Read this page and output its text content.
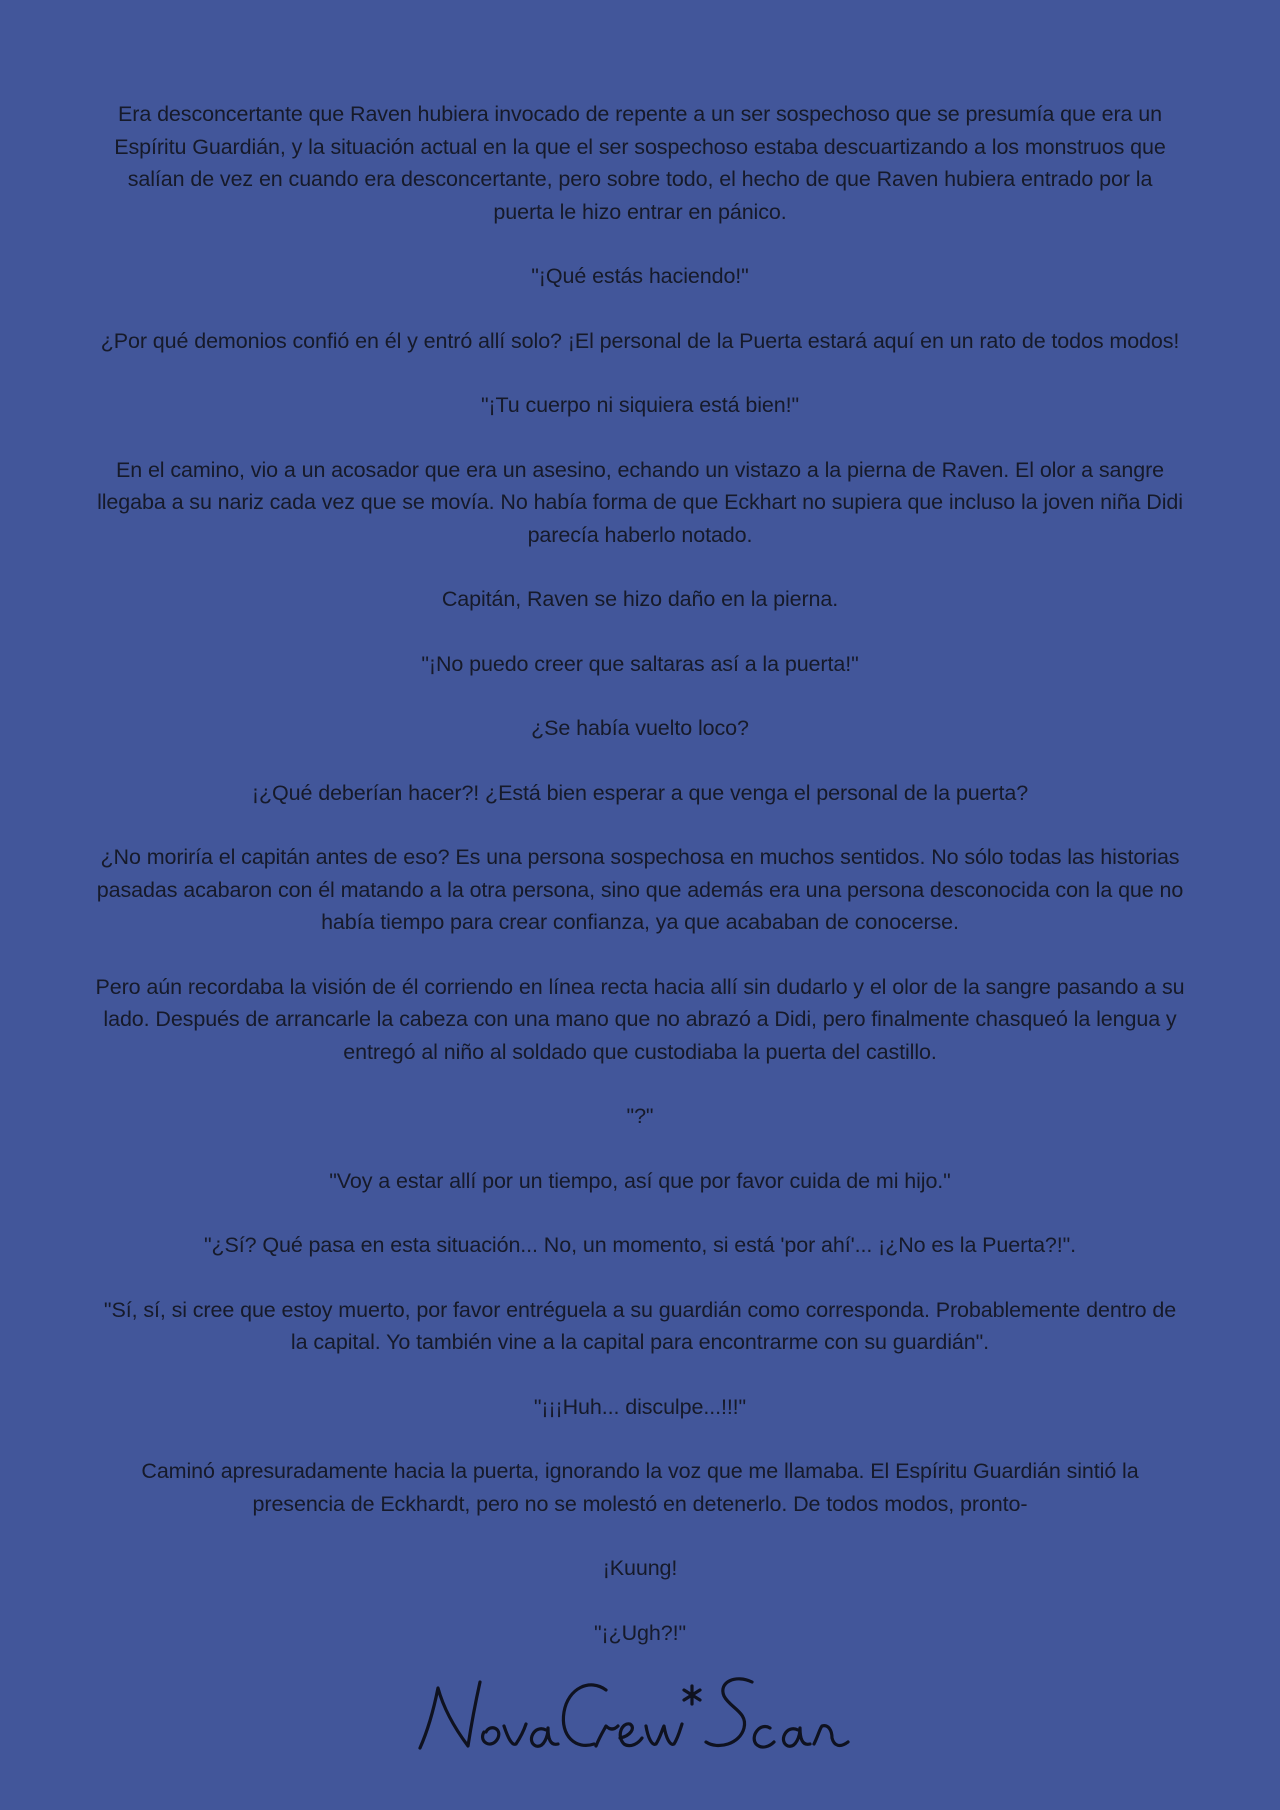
Era desconcertante que Raven hubiera invocado de repente a un ser sospechoso que se presumía que era un Espíritu Guardián, y la situación actual en la que el ser sospechoso estaba descuartizando a los monstruos que salían de vez en cuando era desconcertante, pero sobre todo, el hecho de que Raven hubiera entrado por la puerta le hizo entrar en pánico.

"¡Qué estás haciendo!"

¿Por qué demonios confió en él y entró allí solo? ¡El personal de la Puerta estará aquí en un rato de todos modos!

"¡Tu cuerpo ni siquiera está bien!"

En el camino, vio a un acosador que era un asesino, echando un vistazo a la pierna de Raven. El olor a sangre llegaba a su nariz cada vez que se movía. No había forma de que Eckhart no supiera que incluso la joven niña Didi parecía haberlo notado.

Capitán, Raven se hizo daño en la pierna.

"¡No puedo creer que saltaras así a la puerta!"

¿Se había vuelto loco?

¡¿Qué deberían hacer?! ¿Está bien esperar a que venga el personal de la puerta?

¿No moriría el capitán antes de eso? Es una persona sospechosa en muchos sentidos. No sólo todas las historias pasadas acabaron con él matando a la otra persona, sino que además era una persona desconocida con la que no había tiempo para crear confianza, ya que acababan de conocerse.

Pero aún recordaba la visión de él corriendo en línea recta hacia allí sin dudarlo y el olor de la sangre pasando a su lado. Después de arrancarle la cabeza con una mano que no abrazó a Didi, pero finalmente chasqueó la lengua y entregó al niño al soldado que custodiaba la puerta del castillo.

"?"

"Voy a estar allí por un tiempo, así que por favor cuida de mi hijo."

"¿Sí? Qué pasa en esta situación... No, un momento, si está 'por ahí'... ¡¿No es la Puerta?!".

"Sí, sí, si cree que estoy muerto, por favor entréguela a su guardián como corresponda. Probablemente dentro de la capital. Yo también vine a la capital para encontrarme con su guardián".

"¡¡¡Huh... disculpe...!!!"

Caminó apresuradamente hacia la puerta, ignorando la voz que me llamaba. El Espíritu Guardián sintió la presencia de Eckhardt, pero no se molestó en detenerlo. De todos modos, pronto-

¡Kuung!

"¡¿Ugh?!"
